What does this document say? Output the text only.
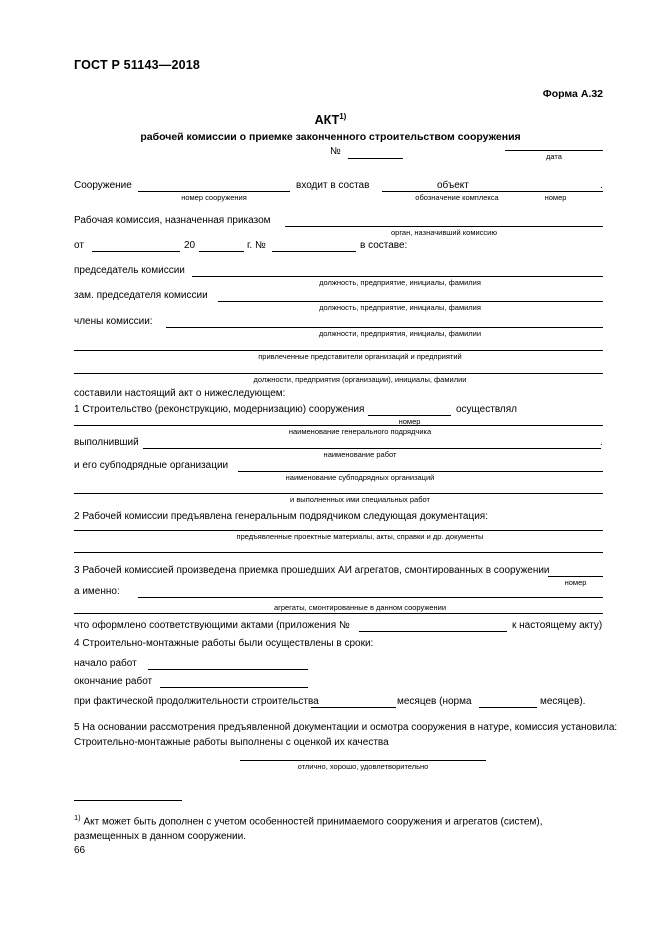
ГОСТ Р 51143—2018
Форма А.32
АКТ$^{1)}$
рабочей комиссии о приемке законченного строительством сооружения
№	дата
Сооружение
номер сооружения
входит в состав
обозначение комплекса
объект
номер
.
Рабочая комиссия, назначенная приказом
орган, назначивший комиссию
от	20	г. №	в составе:
председатель комиссии
должность, предприятие, инициалы, фамилия
зам. председателя комиссии
должность, предприятие, инициалы, фамилия
члены комиссии:
должности, предприятия, инициалы, фамилии
привлеченные представители организаций и предприятий
должности, предприятия (организации), инициалы, фамилии
составили настоящий акт о нижеследующем:
1 Строительство (реконструкцию, модернизацию) сооружения
номер
осуществлял
наименование генерального подрядчика
выполнивший	.
наименование работ
и его субподрядные организации
наименование субподрядных организаций
и выполненных ими специальных работ
2 Рабочей комиссии предъявлена генеральным подрядчиком следующая документация:
предъявленные проектные материалы, акты, справки и др. документы
3 Рабочей комиссией произведена приемка прошедших АИ агрегатов, смонтированных в сооружении
номер
а именно:
агрегаты, смонтированные в данном сооружении
что оформлено соответствующими актами (приложения №	к настоящему акту)
4 Строительно-монтажные работы были осуществлены в сроки:
начало работ
окончание работ
при фактической продолжительности строительства	месяцев (норма	месяцев).
5 На основании рассмотрения предъявленной документации и осмотра сооружения в натуре, комиссия установила:
Строительно-монтажные работы выполнены с оценкой их качества
отлично, хорошо, удовлетворительно
$^{1)}$ Акт может быть дополнен с учетом особенностей принимаемого сооружения и агрегатов (систем), размещенных в данном сооружении.
66
